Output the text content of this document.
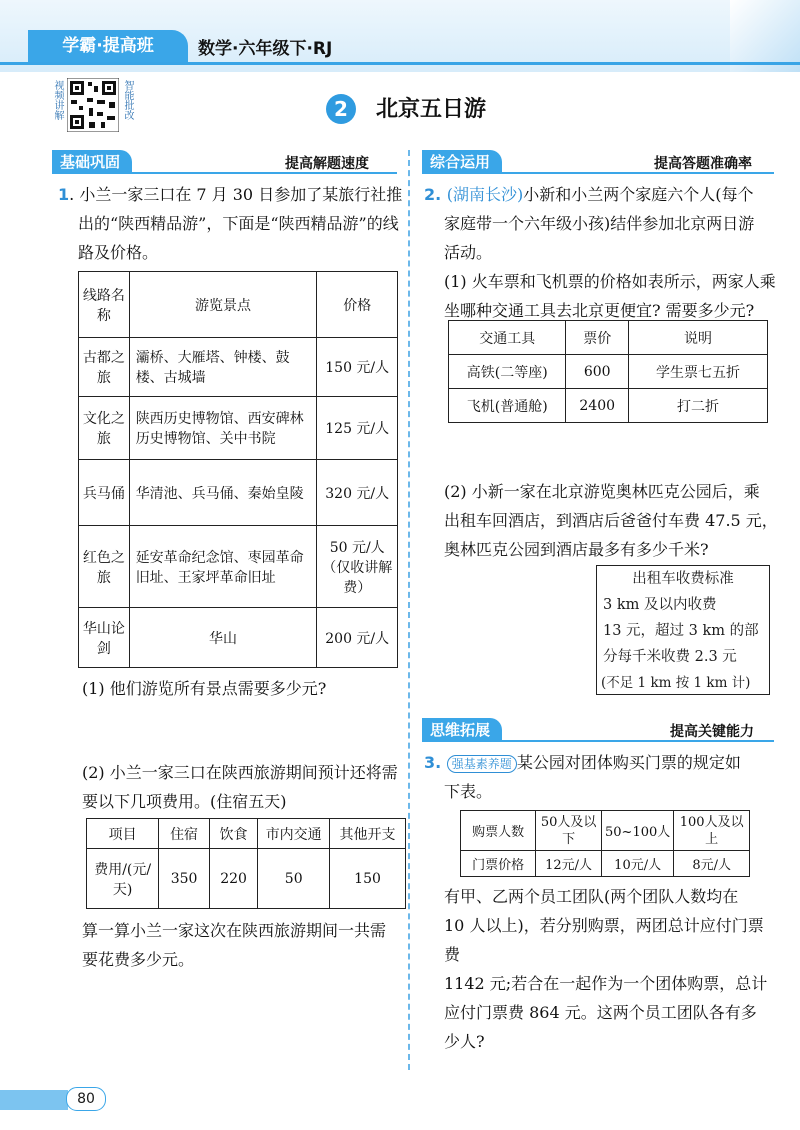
学霸·提高班	数学·六年级下·RJ
视频讲解	智能批改	2	北京五日游
基础巩固	提高解题速度	综合运用	提高答题准确率
1. 小兰一家三口在 7 月 30 日参加了某旅行社推
出的“陕西精品游”，下面是“陕西精品游”的线
路及价格。
线路名称	游览景点	价格
古都之旅	灞桥、大雁塔、钟楼、鼓楼、古城墙	150 元/人
文化之旅	陕西历史博物馆、西安碑林历史博物馆、关中书院	125 元/人
兵马俑	华清池、兵马俑、秦始皇陵	320 元/人
红色之旅	延安革命纪念馆、枣园革命旧址、王家坪革命旧址	50 元/人（仅收讲解费）
华山论剑	华山	200 元/人
(1) 他们游览所有景点需要多少元?
(2) 小兰一家三口在陕西旅游期间预计还将需
要以下几项费用。(住宿五天)
项目	住宿	饮食	市内交通	其他开支
费用/(元/天)	350	220	50	150
算一算小兰一家这次在陕西旅游期间一共需
要花费多少元。
2. (湖南长沙)小新和小兰两个家庭六个人(每个
家庭带一个六年级小孩)结伴参加北京两日游
活动。
(1) 火车票和飞机票的价格如表所示，两家人乘
坐哪种交通工具去北京更便宜? 需要多少元?
交通工具	票价	说明
高铁(二等座)	600	学生票七五折
飞机(普通舱)	2400	打二折
(2) 小新一家在北京游览奥林匹克公园后，乘
出租车回酒店，到酒店后爸爸付车费 47.5 元，
奥林匹克公园到酒店最多有多少千米?
出租车收费标准
3 km 及以内收费
13 元，超过 3 km 的部
分每千米收费 2.3 元
(不足 1 km 按 1 km 计)
思维拓展	提高关键能力
3. 强基素养题 某公园对团体购买门票的规定如
下表。
购票人数	50人及以下	50~100人	100人及以上
门票价格	12元/人	10元/人	8元/人
有甲、乙两个员工团队(两个团队人数均在
10 人以上)，若分别购票，两团总计应付门票费
1142 元;若合在一起作为一个团体购票，总计
应付门票费 864 元。这两个员工团队各有多
少人?
80
